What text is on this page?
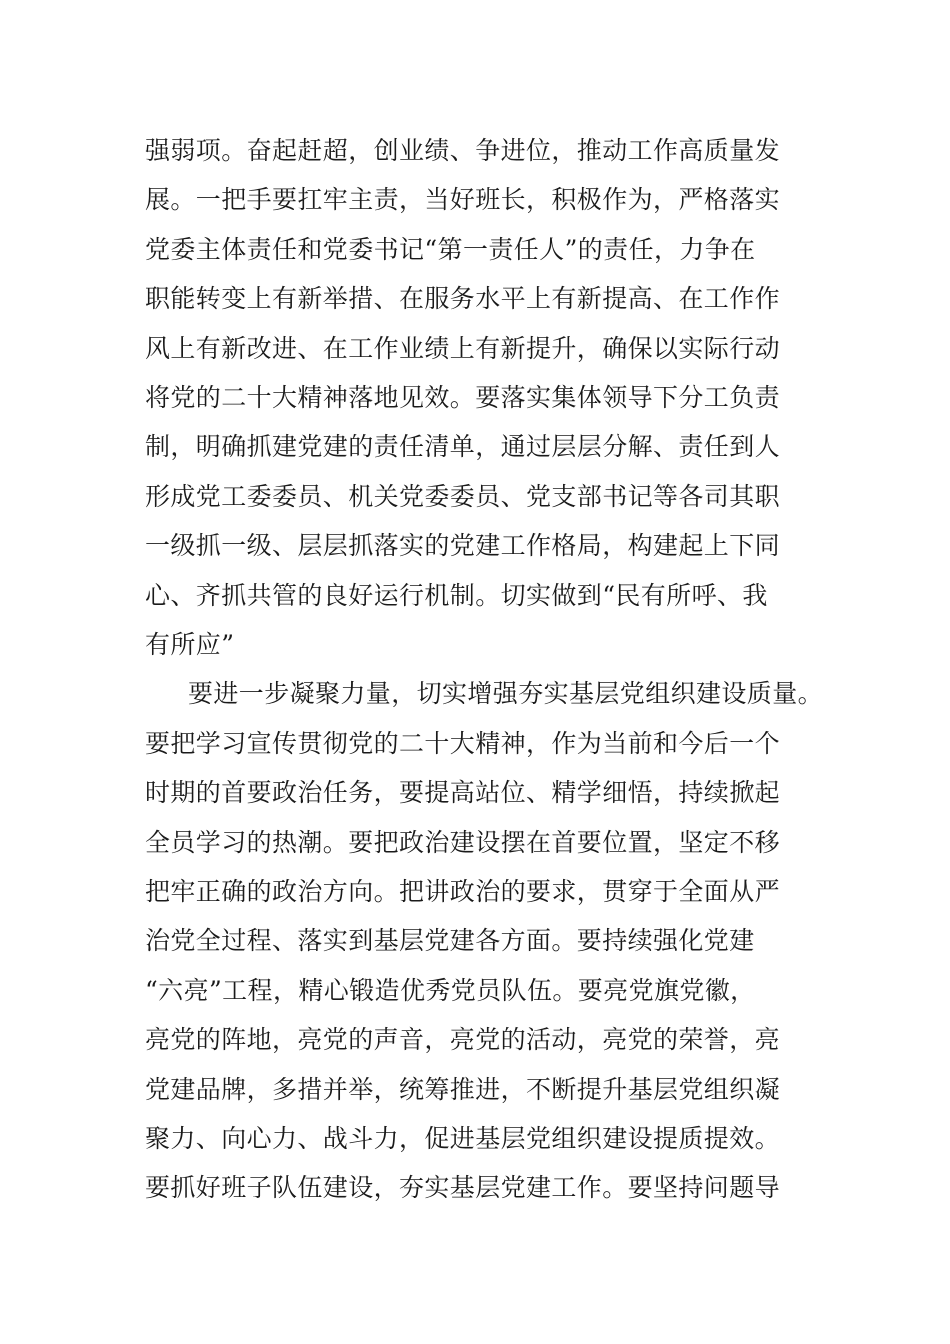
强弱项。奋起赶超，创业绩、争进位，推动工作高质量发
展。一把手要扛牢主责，当好班长，积极作为，严格落实
党委主体责任和党委书记“第一责任人”的责任，力争在
职能转变上有新举措、在服务水平上有新提高、在工作作
风上有新改进、在工作业绩上有新提升，确保以实际行动
将党的二十大精神落地见效。要落实集体领导下分工负责
制，明确抓建党建的责任清单，通过层层分解、责任到人
形成党工委委员、机关党委委员、党支部书记等各司其职
一级抓一级、层层抓落实的党建工作格局，构建起上下同
心、齐抓共管的良好运行机制。切实做到“民有所呼、我
有所应”
要进一步凝聚力量，切实增强夯实基层党组织建设质量。
要把学习宣传贯彻党的二十大精神，作为当前和今后一个
时期的首要政治任务，要提高站位、精学细悟，持续掀起
全员学习的热潮。要把政治建设摆在首要位置，坚定不移
把牢正确的政治方向。把讲政治的要求，贯穿于全面从严
治党全过程、落实到基层党建各方面。要持续强化党建
“六亮”工程，精心锻造优秀党员队伍。要亮党旗党徽，
亮党的阵地，亮党的声音，亮党的活动，亮党的荣誉，亮
党建品牌，多措并举，统筹推进，不断提升基层党组织凝
聚力、向心力、战斗力，促进基层党组织建设提质提效。
要抓好班子队伍建设，夯实基层党建工作。要坚持问题导
